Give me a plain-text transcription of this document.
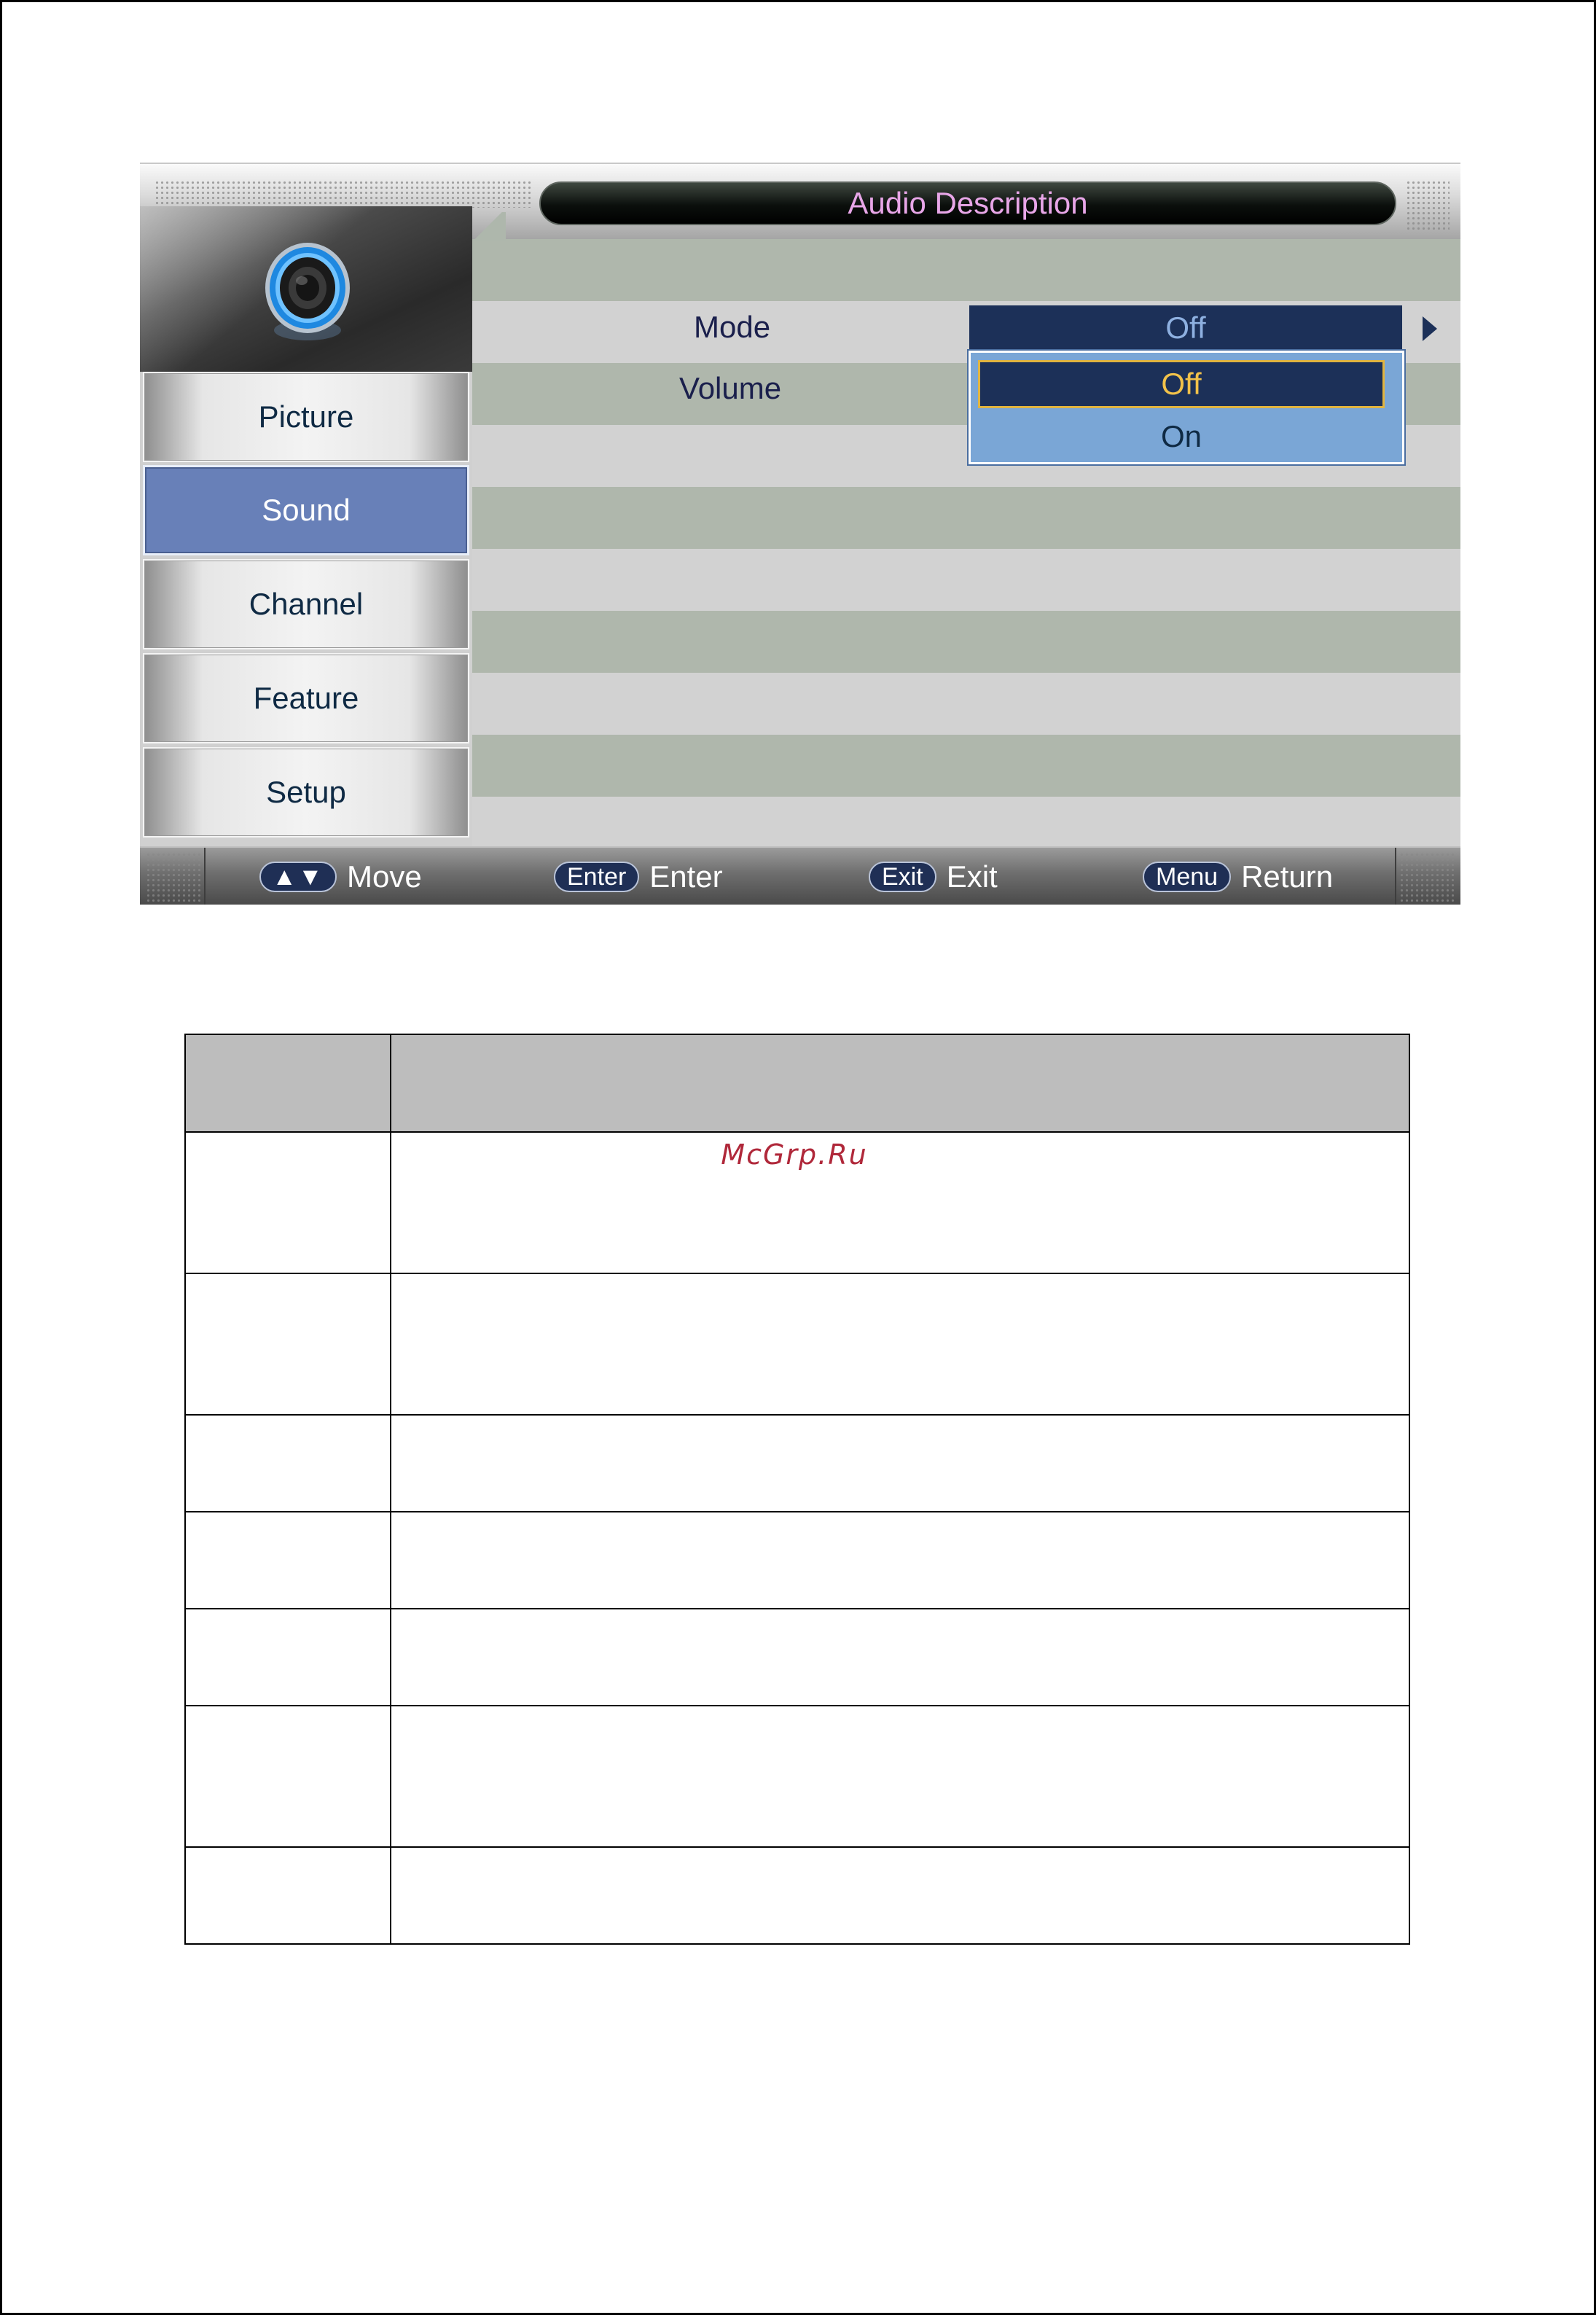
Audio Description
Picture
Sound
Channel
Feature
Setup
Mode
Volume
Off
Off
On
▲▼ Move	Enter Enter	Exit Exit	Menu Return

	McGrp.Ru
